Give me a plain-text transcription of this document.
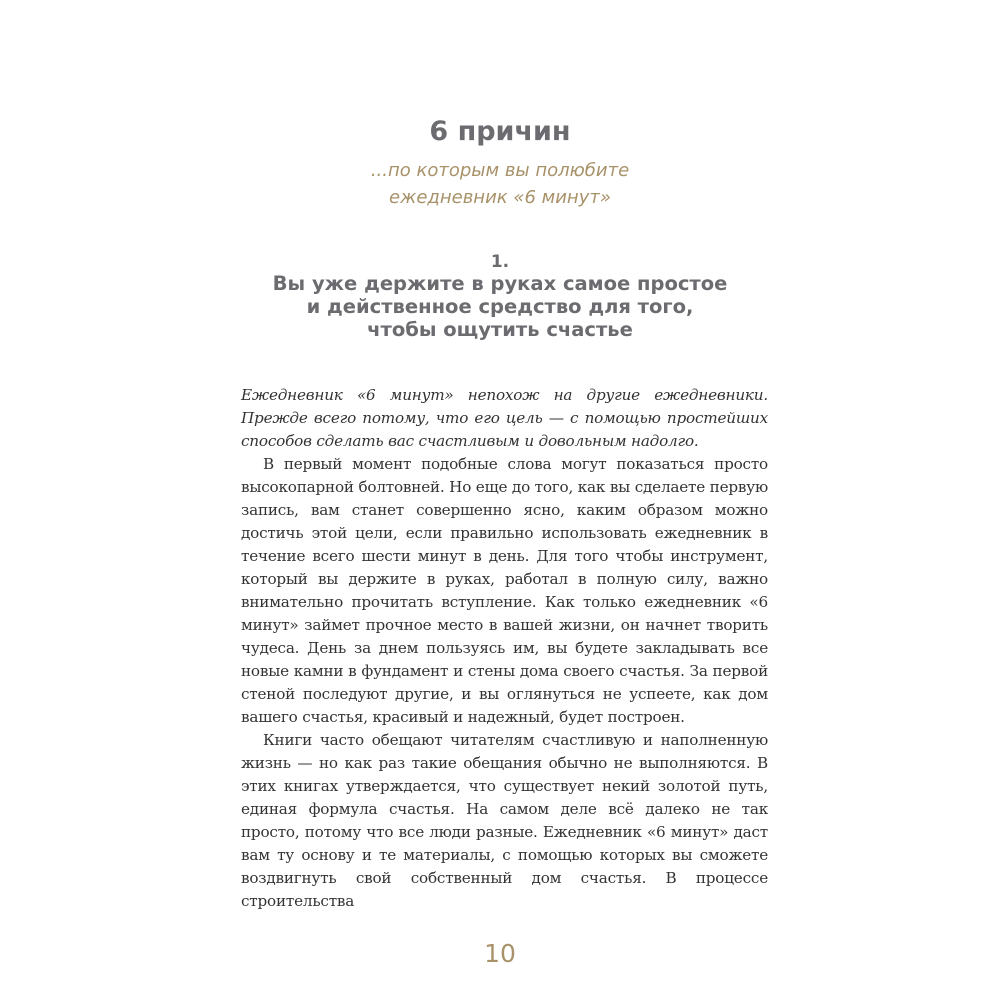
6 причин
...по которым вы полюбите
ежедневник «6 минут»
1.
Вы уже держите в руках самое простое
и действенное средство для того,
чтобы ощутить счастье

Ежедневник «6 минут» непохож на другие ежедневники. Прежде всего потому, что его цель — с помощью простейших способов сделать вас счастливым и довольным надолго.

В первый момент подобные слова могут показаться просто высокопарной болтовней. Но еще до того, как вы сделаете первую запись, вам станет совершенно ясно, каким образом можно достичь этой цели, если правильно использовать ежедневник в течение всего шести минут в день. Для того чтобы инструмент, который вы держите в руках, работал в полную силу, важно внимательно прочитать вступление. Как только ежедневник «6 минут» займет прочное место в вашей жизни, он начнет творить чудеса. День за днем пользуясь им, вы будете закладывать все новые камни в фундамент и стены дома своего счастья. За первой стеной последуют другие, и вы оглянуться не успеете, как дом вашего счастья, красивый и надежный, будет построен.

Книги часто обещают читателям счастливую и наполненную жизнь — но как раз такие обещания обычно не выполняются. В этих книгах утверждается, что существует некий золотой путь, единая формула счастья. На самом деле всё далеко не так просто, потому что все люди разные. Ежедневник «6 минут» даст вам ту основу и те материалы, с помощью которых вы сможете воздвигнуть свой собственный дом счастья. В процессе строительства

10
